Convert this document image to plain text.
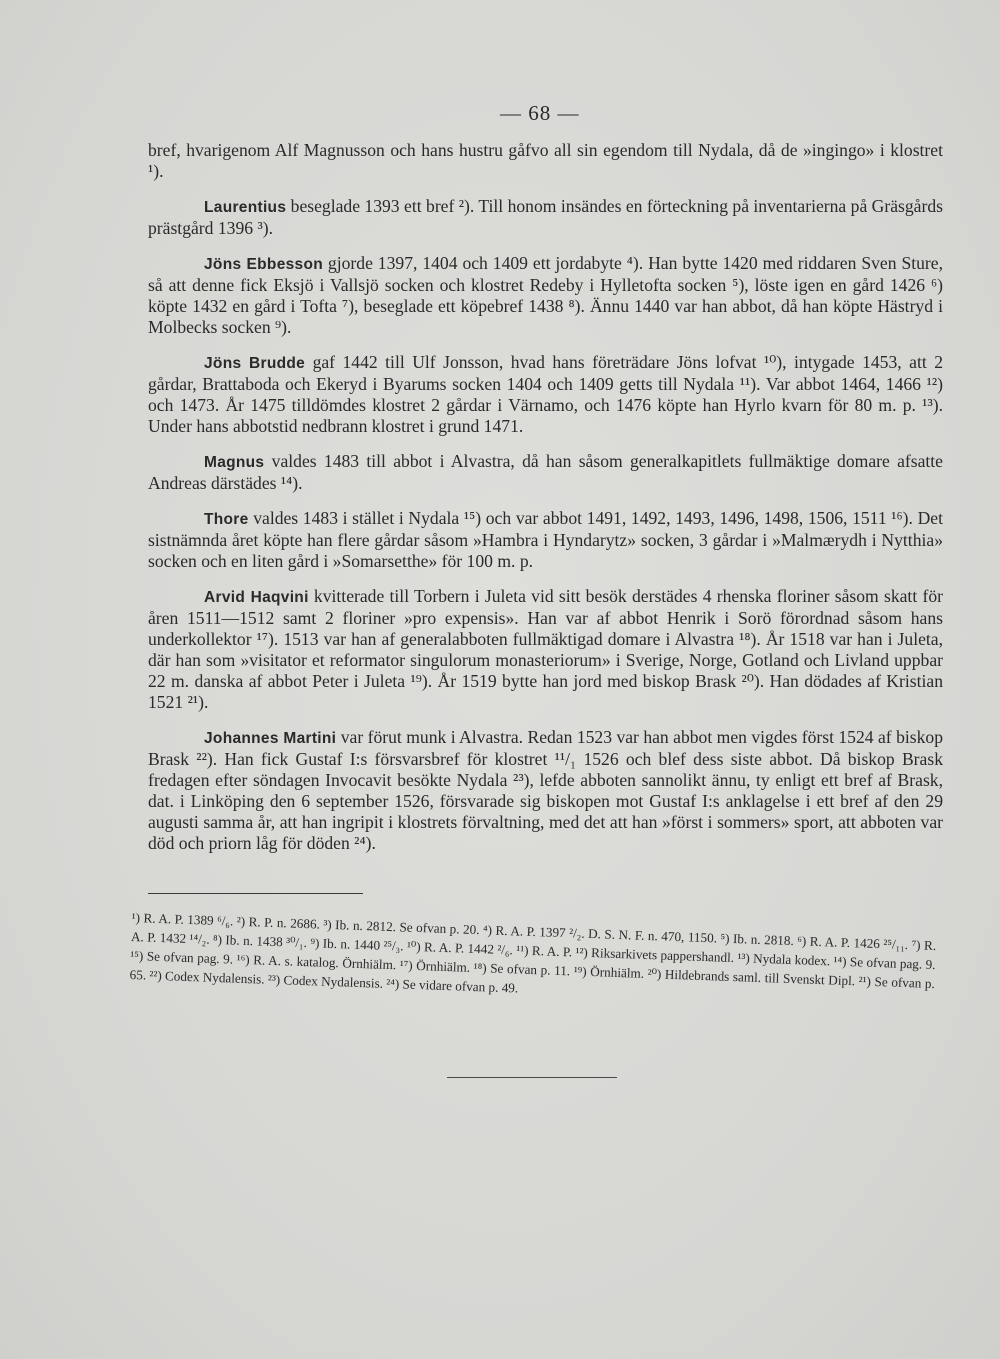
— 68 —

bref, hvarigenom Alf Magnusson och hans hustru gåfvo all sin egendom till Nydala, då de »ingingo» i klostret ¹).

Laurentius beseglade 1393 ett bref ²). Till honom insändes en förteckning på inventarierna på Gräsgårds prästgård 1396 ³).

Jöns Ebbesson gjorde 1397, 1404 och 1409 ett jordabyte ⁴). Han bytte 1420 med riddaren Sven Sture, så att denne fick Eksjö i Vallsjö socken och klostret Redeby i Hylletofta socken ⁵), löste igen en gård 1426 ⁶) köpte 1432 en gård i Tofta ⁷), beseglade ett köpebref 1438 ⁸). Ännu 1440 var han abbot, då han köpte Hästryd i Molbecks socken ⁹).

Jöns Brudde gaf 1442 till Ulf Jonsson, hvad hans företrädare Jöns lofvat ¹⁰), intygade 1453, att 2 gårdar, Brattaboda och Ekeryd i Byarums socken 1404 och 1409 getts till Nydala ¹¹). Var abbot 1464, 1466 ¹²) och 1473. År 1475 tilldömdes klostret 2 gårdar i Värnamo, och 1476 köpte han Hyrlo kvarn för 80 m. p. ¹³). Under hans abbotstid nedbrann klostret i grund 1471.

Magnus valdes 1483 till abbot i Alvastra, då han såsom generalkapitlets fullmäktige domare afsatte Andreas därstädes ¹⁴).

Thore valdes 1483 i stället i Nydala ¹⁵) och var abbot 1491, 1492, 1493, 1496, 1498, 1506, 1511 ¹⁶). Det sistnämnda året köpte han flere gårdar såsom »Hambra i Hyndarytz» socken, 3 gårdar i »Malmærydh i Nytthia» socken och en liten gård i »Somarsetthe» för 100 m. p.

Arvid Haqvini kvitterade till Torbern i Juleta vid sitt besök derstädes 4 rhenska floriner såsom skatt för åren 1511—1512 samt 2 floriner »pro expensis». Han var af abbot Henrik i Sorö förordnad såsom hans underkollektor ¹⁷). 1513 var han af generalabboten fullmäktigad domare i Alvastra ¹⁸). År 1518 var han i Juleta, där han som »visitator et reformator singulorum monasteriorum» i Sverige, Norge, Gotland och Livland uppbar 22 m. danska af abbot Peter i Juleta ¹⁹). År 1519 bytte han jord med biskop Brask ²⁰). Han dödades af Kristian 1521 ²¹).

Johannes Martini var förut munk i Alvastra. Redan 1523 var han abbot men vigdes först 1524 af biskop Brask ²²). Han fick Gustaf I:s försvarsbref för klostret ¹¹/₁ 1526 och blef dess siste abbot. Då biskop Brask fredagen efter söndagen Invocavit besökte Nydala ²³), lefde abboten sannolikt ännu, ty enligt ett bref af Brask, dat. i Linköping den 6 september 1526, försvarade sig biskopen mot Gustaf I:s anklagelse i ett bref af den 29 augusti samma år, att han ingripit i klostrets förvaltning, med det att han »först i sommers» sport, att abboten var död och priorn låg för döden ²⁴).

¹) R. A. P. 1389 ⁶/₆. ²) R. P. n. 2686. ³) Ib. n. 2812. Se ofvan p. 20. ⁴) R. A. P. 1397 ²/₂. D. S. N. F. n. 470, 1150. ⁵) Ib. n. 2818. ⁶) R. A. P. 1426 ²⁵/₁₁. ⁷) R. A. P. 1432 ¹⁴/₂. ⁸) Ib. n. 1438 ³⁰/₁. ⁹) Ib. n. 1440 ²⁵/₃. ¹⁰) R. A. P. 1442 ²/₆. ¹¹) R. A. P. ¹²) Riksarkivets pappershandl. ¹³) Nydala kodex. ¹⁴) Se ofvan pag. 9. ¹⁵) Se ofvan pag. 9. ¹⁶) R. A. s. katalog. Örnhiälm. ¹⁷) Örnhiälm. ¹⁸) Se ofvan p. 11. ¹⁹) Örnhiälm. ²⁰) Hildebrands saml. till Svenskt Dipl. ²¹) Se ofvan p. 65. ²²) Codex Nydalensis. ²³) Codex Nydalensis. ²⁴) Se vidare ofvan p. 49.
